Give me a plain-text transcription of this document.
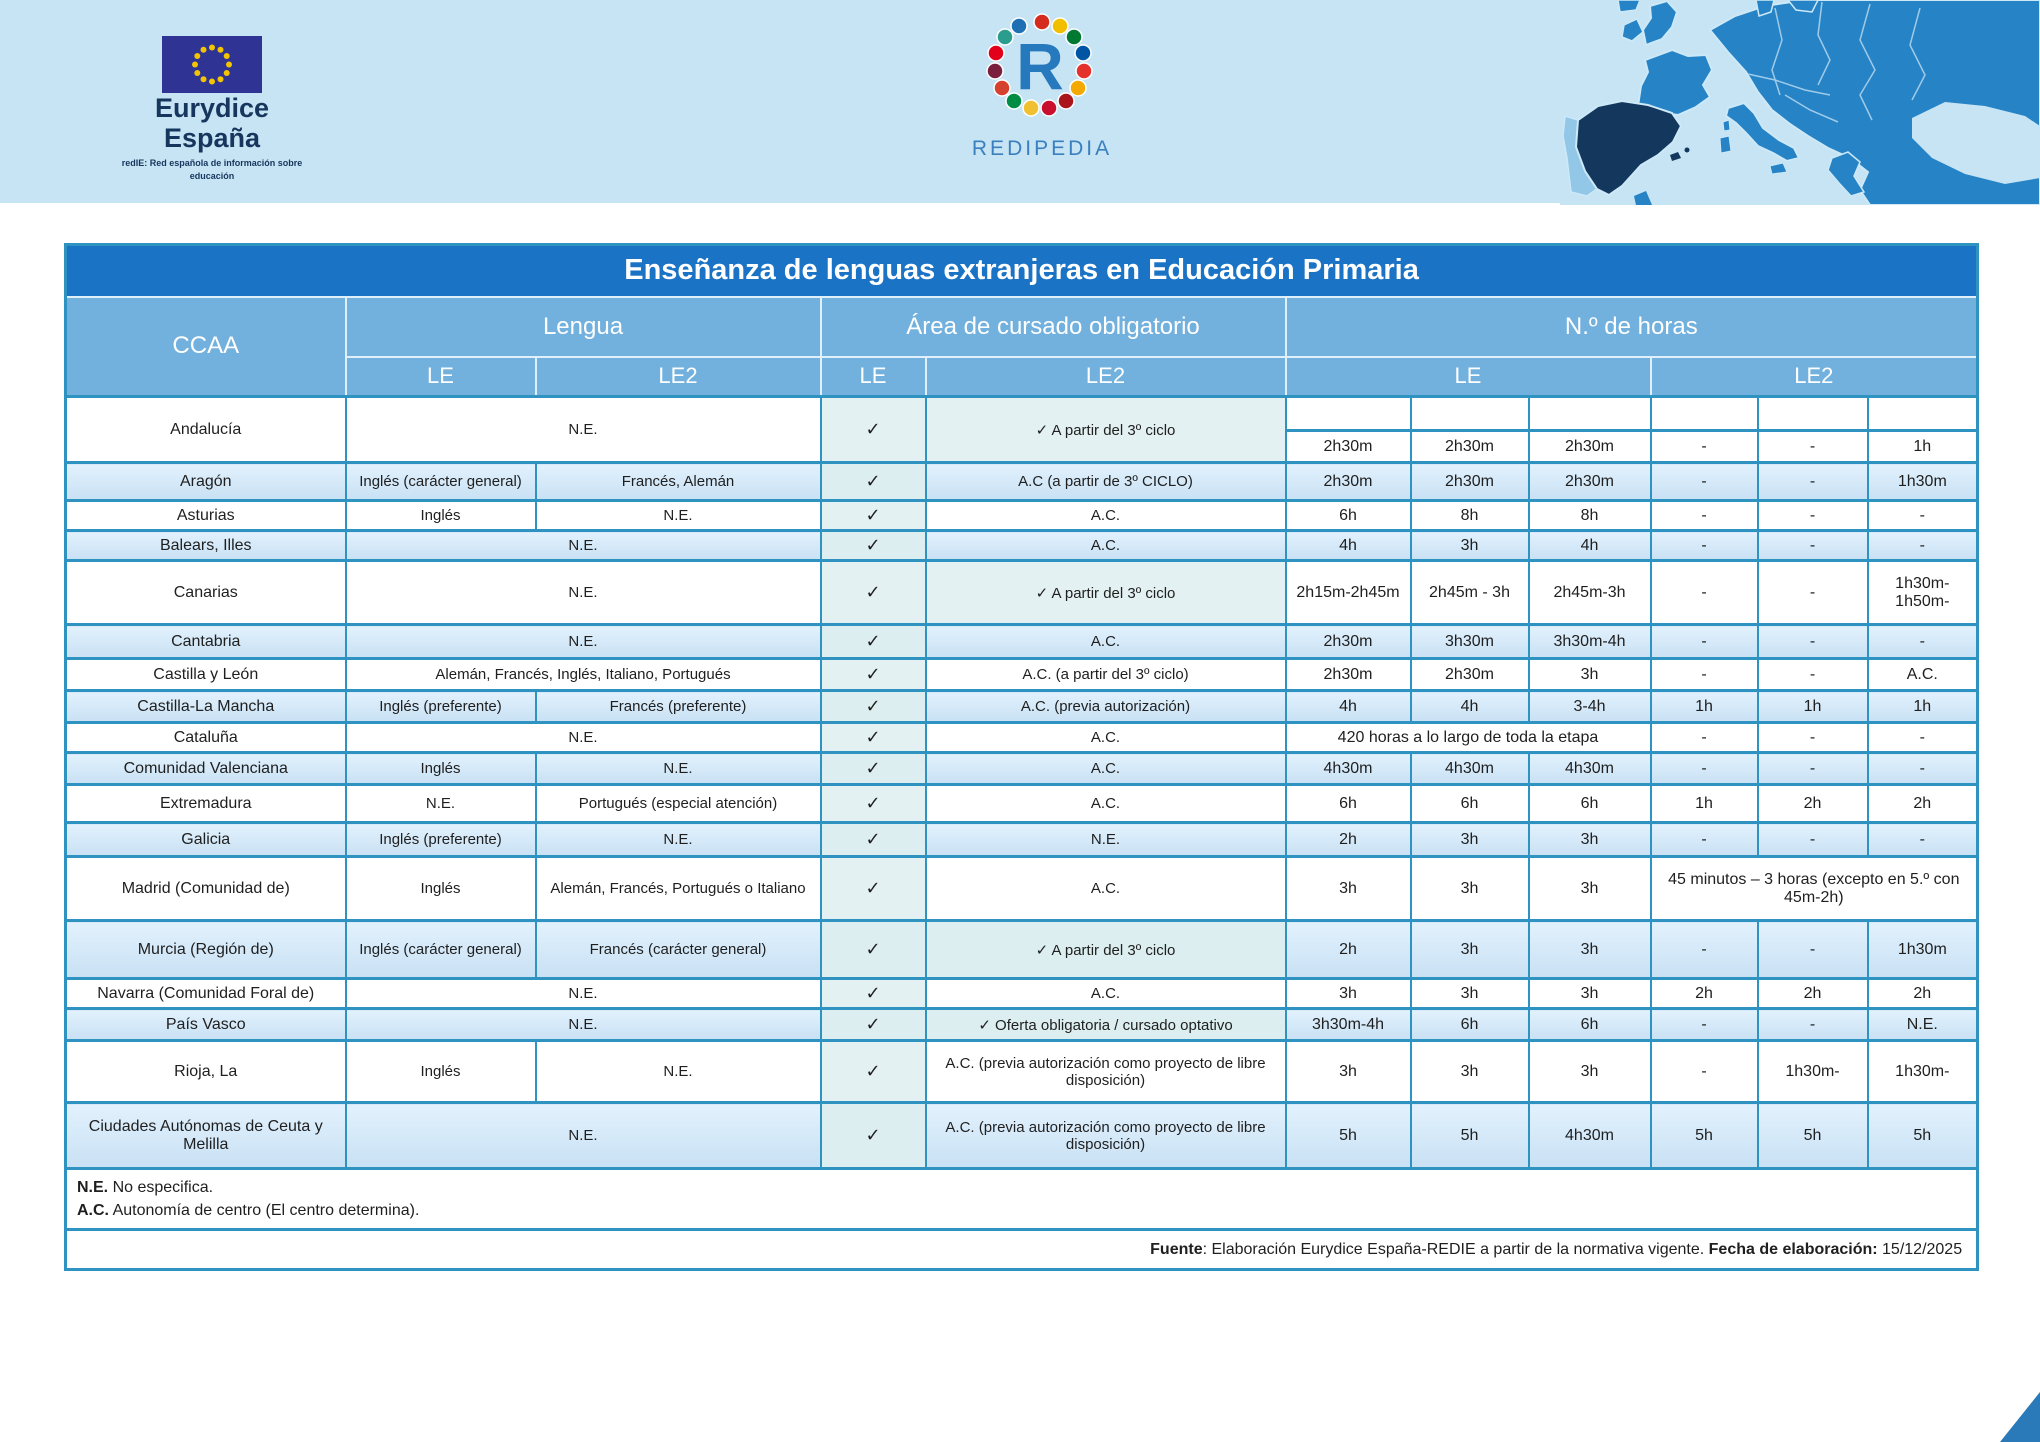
Eurydice
España
redIE: Red española de información sobre educación
R
REDIPEDIA
Enseñanza de lenguas extranjeras en Educación Primaria										
CCAA	Lengua		Área de cursado obligatorio		N.º de horas					
	LE	LE2	LE	LE2	LE			LE2		
Andalucía	N.E.		✓	✓ A partir del 3º ciclo	1º ciclo	2º ciclo	3º ciclo	1º ciclo	2º ciclo	3º ciclo
					2h30m	2h30m	2h30m	-	-	1h
Aragón	Inglés (carácter general)	Francés, Alemán	✓	A.C (a partir de 3º CICLO)	2h30m	2h30m	2h30m	-	-	1h30m
Asturias	Inglés	N.E.	✓	A.C.	6h	8h	8h	-	-	-
Balears, Illes	N.E.		✓	A.C.	4h	3h	4h	-	-	-
Canarias	N.E.		✓	✓ A partir del 3º ciclo	2h15m-2h45m	2h45m - 3h	2h45m-3h	-	-	1h30m-1h50m-
Cantabria	N.E.		✓	A.C.	2h30m	3h30m	3h30m-4h	-	-	-
Castilla y León	Alemán, Francés, Inglés, Italiano, Portugués		✓	A.C. (a partir del 3º ciclo)	2h30m	2h30m	3h	-	-	A.C.
Castilla-La Mancha	Inglés (preferente)	Francés (preferente)	✓	A.C. (previa autorización)	4h	4h	3-4h	1h	1h	1h
Cataluña	N.E.		✓	A.C.	420 horas a lo largo de toda la etapa			-	-	-
Comunidad Valenciana	Inglés	N.E.	✓	A.C.	4h30m	4h30m	4h30m	-	-	-
Extremadura	N.E.	Portugués (especial atención)	✓	A.C.	6h	6h	6h	1h	2h	2h
Galicia	Inglés (preferente)	N.E.	✓	N.E.	2h	3h	3h	-	-	-
Madrid (Comunidad de)	Inglés	Alemán, Francés, Portugués o Italiano	✓	A.C.	3h	3h	3h	45 minutos – 3 horas (excepto en 5.º con 45m-2h)		
Murcia (Región de)	Inglés (carácter general)	Francés (carácter general)	✓	✓ A partir del 3º ciclo	2h	3h	3h	-	-	1h30m
Navarra (Comunidad Foral de)	N.E.		✓	A.C.	3h	3h	3h	2h	2h	2h
País Vasco	N.E.		✓	✓ Oferta obligatoria / cursado optativo	3h30m-4h	6h	6h	-	-	N.E.
Rioja, La	Inglés	N.E.	✓	A.C. (previa autorización como proyecto de libre disposición)	3h	3h	3h	-	1h30m-	1h30m-
Ciudades Autónomas de Ceuta y Melilla	N.E.		✓	A.C. (previa autorización como proyecto de libre disposición)	5h	5h	4h30m	5h	5h	5h

N.E. No especifica.
A.C. Autonomía de centro (El centro determina).										

Fuente: Elaboración Eurydice España-REDIE a partir de la normativa vigente. Fecha de elaboración: 15/12/2025										
